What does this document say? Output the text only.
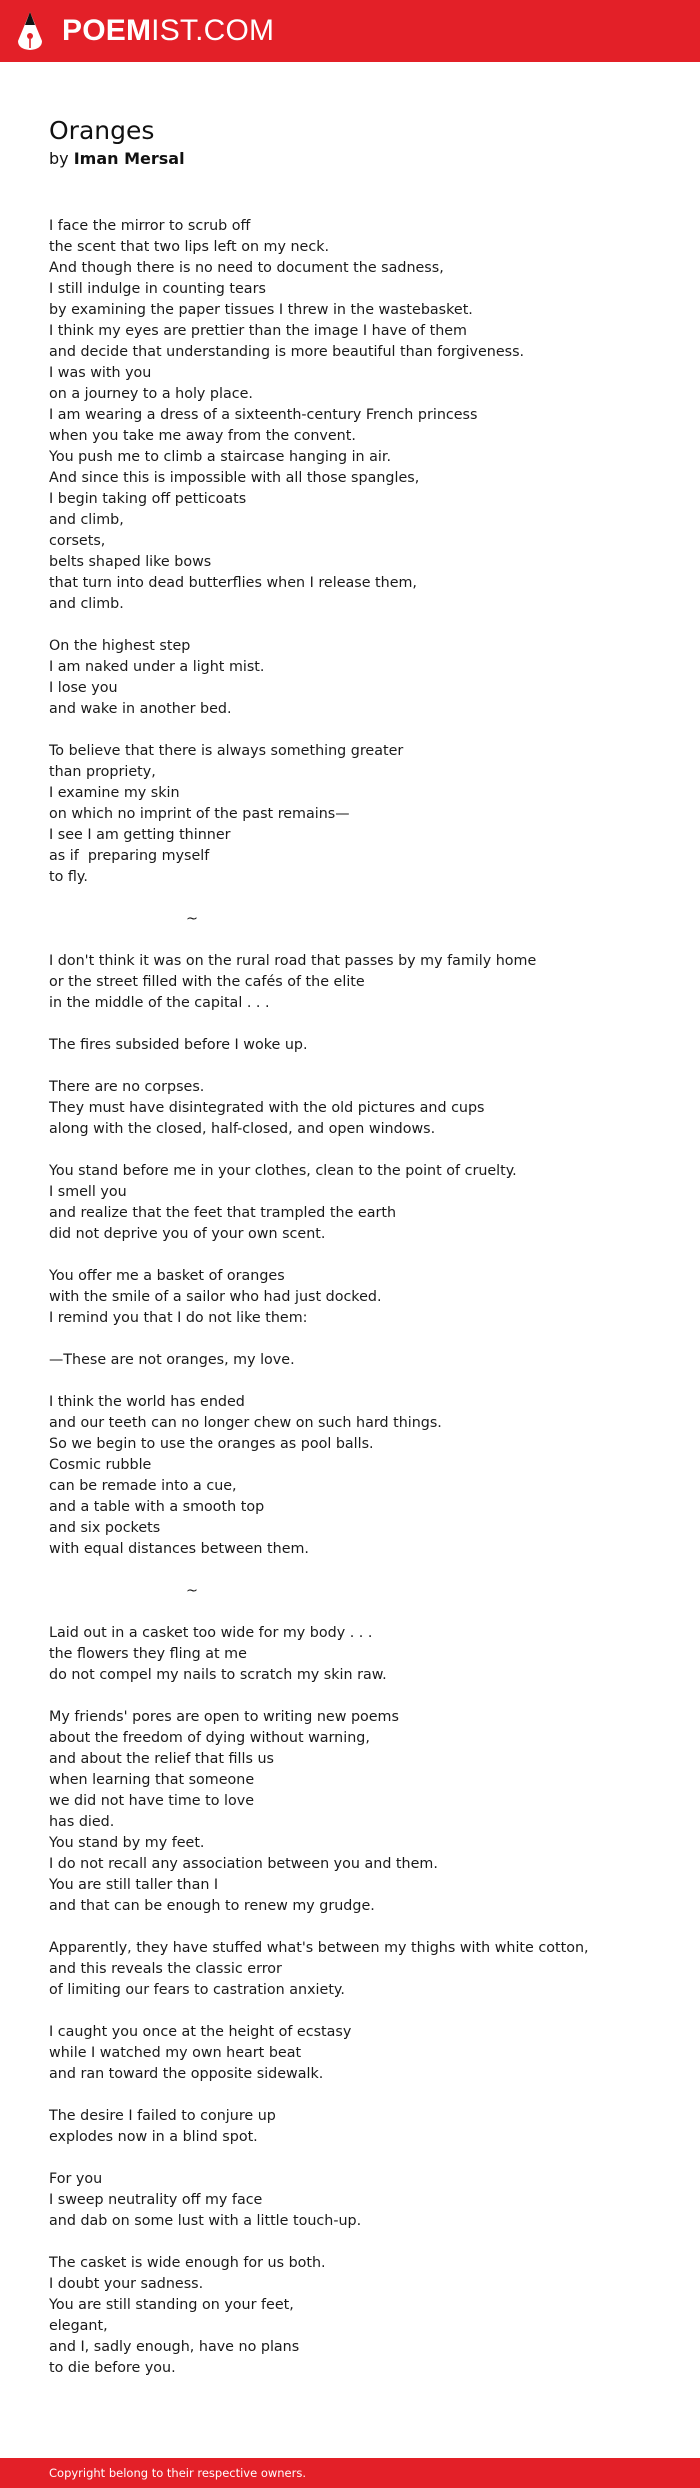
POEMIST.COM
Oranges
by Iman Mersal
I face the mirror to scrub off
the scent that two lips left on my neck.
And though there is no need to document the sadness,
I still indulge in counting tears
by examining the paper tissues I threw in the wastebasket.
I think my eyes are prettier than the image I have of them
and decide that understanding is more beautiful than forgiveness.
I was with you
on a journey to a holy place.
I am wearing a dress of a sixteenth-century French princess
when you take me away from the convent.
You push me to climb a staircase hanging in air.
And since this is impossible with all those spangles,
I begin taking off petticoats
and climb,
corsets,
belts shaped like bows
that turn into dead butterflies when I release them,
and climb.
On the highest step
I am naked under a light mist.
I lose you
and wake in another bed.
To believe that there is always something greater
than propriety,
I examine my skin
on which no imprint of the past remains—
I see I am getting thinner
as if  preparing myself
to fly.
~
I don't think it was on the rural road that passes by my family home
or the street filled with the cafés of the elite
in the middle of the capital . . .
The fires subsided before I woke up.
There are no corpses.
They must have disintegrated with the old pictures and cups
along with the closed, half-closed, and open windows.
You stand before me in your clothes, clean to the point of cruelty.
I smell you
and realize that the feet that trampled the earth
did not deprive you of your own scent.
You offer me a basket of oranges
with the smile of a sailor who had just docked.
I remind you that I do not like them:
—These are not oranges, my love.
I think the world has ended
and our teeth can no longer chew on such hard things.
So we begin to use the oranges as pool balls.
Cosmic rubble
can be remade into a cue,
and a table with a smooth top
and six pockets
with equal distances between them.
~
Laid out in a casket too wide for my body . . .
the flowers they fling at me
do not compel my nails to scratch my skin raw.
My friends' pores are open to writing new poems
about the freedom of dying without warning,
and about the relief that fills us
when learning that someone
we did not have time to love
has died.
You stand by my feet.
I do not recall any association between you and them.
You are still taller than I
and that can be enough to renew my grudge.
Apparently, they have stuffed what's between my thighs with white cotton,
and this reveals the classic error
of limiting our fears to castration anxiety.
I caught you once at the height of ecstasy
while I watched my own heart beat
and ran toward the opposite sidewalk.
The desire I failed to conjure up
explodes now in a blind spot.
For you
I sweep neutrality off my face
and dab on some lust with a little touch-up.
The casket is wide enough for us both.
I doubt your sadness.
You are still standing on your feet,
elegant,
and I, sadly enough, have no plans
to die before you.
Copyright belong to their respective owners.
